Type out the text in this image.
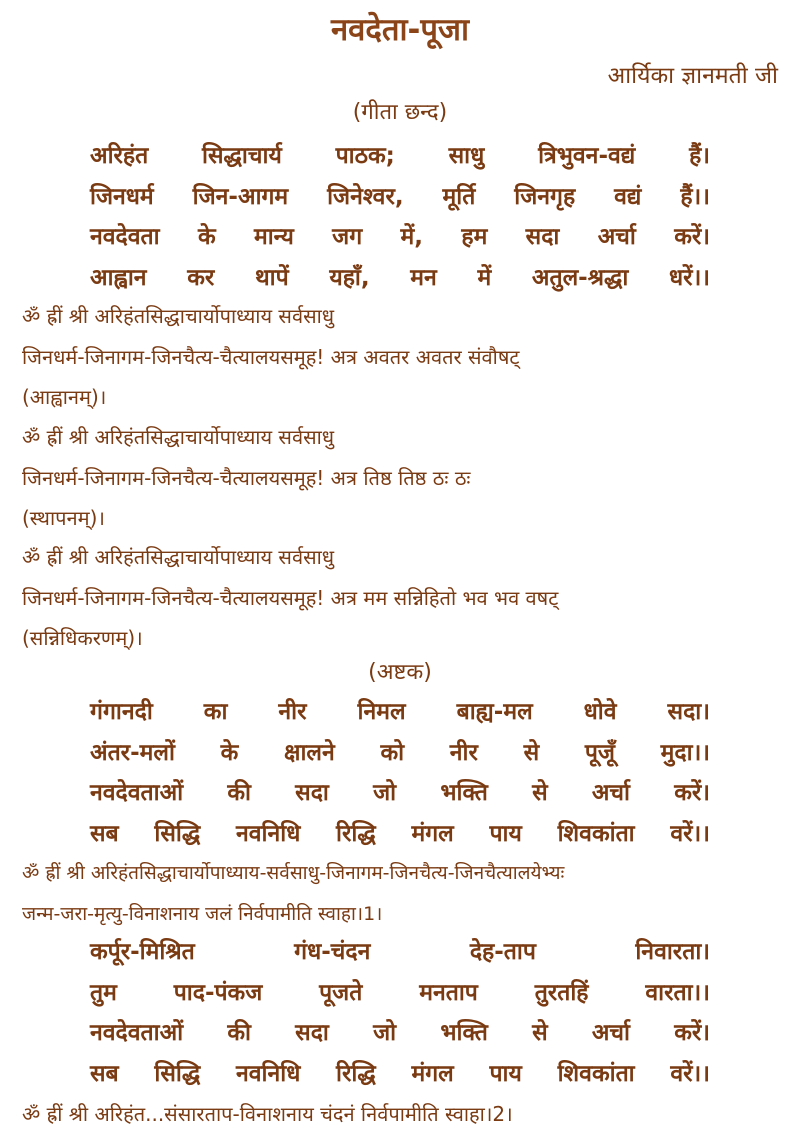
नवदेता-पूजा
आर्यिका ज्ञानमती जी
(गीता छन्द)
अरिहंत सिद्धाचार्य पाठक; साधु त्रिभुवन-वद्यं हैं।
जिनधर्म जिन-आगम जिनेश्वर, मूर्ति जिनगृह वद्यं हैं।।
नवदेवता के मान्य जग में, हम सदा अर्चा करें।
आह्वान कर थापें यहाँ, मन में अतुल-श्रद्धा धरें।।
ॐ ह्रीं श्री अरिहंतसिद्धाचार्योपाध्याय सर्वसाधु
जिनधर्म-जिनागम-जिनचैत्य-चैत्यालयसमूह! अत्र अवतर अवतर संवौषट्
(आह्वानम्)।
ॐ ह्रीं श्री अरिहंतसिद्धाचार्योपाध्याय सर्वसाधु
जिनधर्म-जिनागम-जिनचैत्य-चैत्यालयसमूह! अत्र तिष्ठ तिष्ठ ठः ठः
(स्थापनम्)।
ॐ ह्रीं श्री अरिहंतसिद्धाचार्योपाध्याय सर्वसाधु
जिनधर्म-जिनागम-जिनचैत्य-चैत्यालयसमूह! अत्र मम सन्निहितो भव भव वषट्
(सन्निधिकरणम्)।
(अष्टक)
गंगानदी का नीर निमल बाह्य-मल धोवे सदा।
अंतर-मलों के क्षालने को नीर से पूजूँ मुदा।।
नवदेवताओं की सदा जो भक्ति से अर्चा करें।
सब सिद्धि नवनिधि रिद्धि मंगल पाय शिवकांता वरें।।
ॐ ह्रीं श्री अरिहंतसिद्धाचार्योपाध्याय-सर्वसाधु-जिनागम-जिनचैत्य-जिनचैत्यालयेभ्यः
जन्म-जरा-मृत्यु-विनाशनाय जलं निर्वपामीति स्वाहा।1।
कर्पूर-मिश्रित गंध-चंदन देह-ताप निवारता।
तुम पाद-पंकज पूजते मनताप तुरतहिं वारता।।
नवदेवताओं की सदा जो भक्ति से अर्चा करें।
सब सिद्धि नवनिधि रिद्धि मंगल पाय शिवकांता वरें।।
ॐ ह्रीं श्री अरिहंत...संसारताप-विनाशनाय चंदनं निर्वपामीति स्वाहा।2।
